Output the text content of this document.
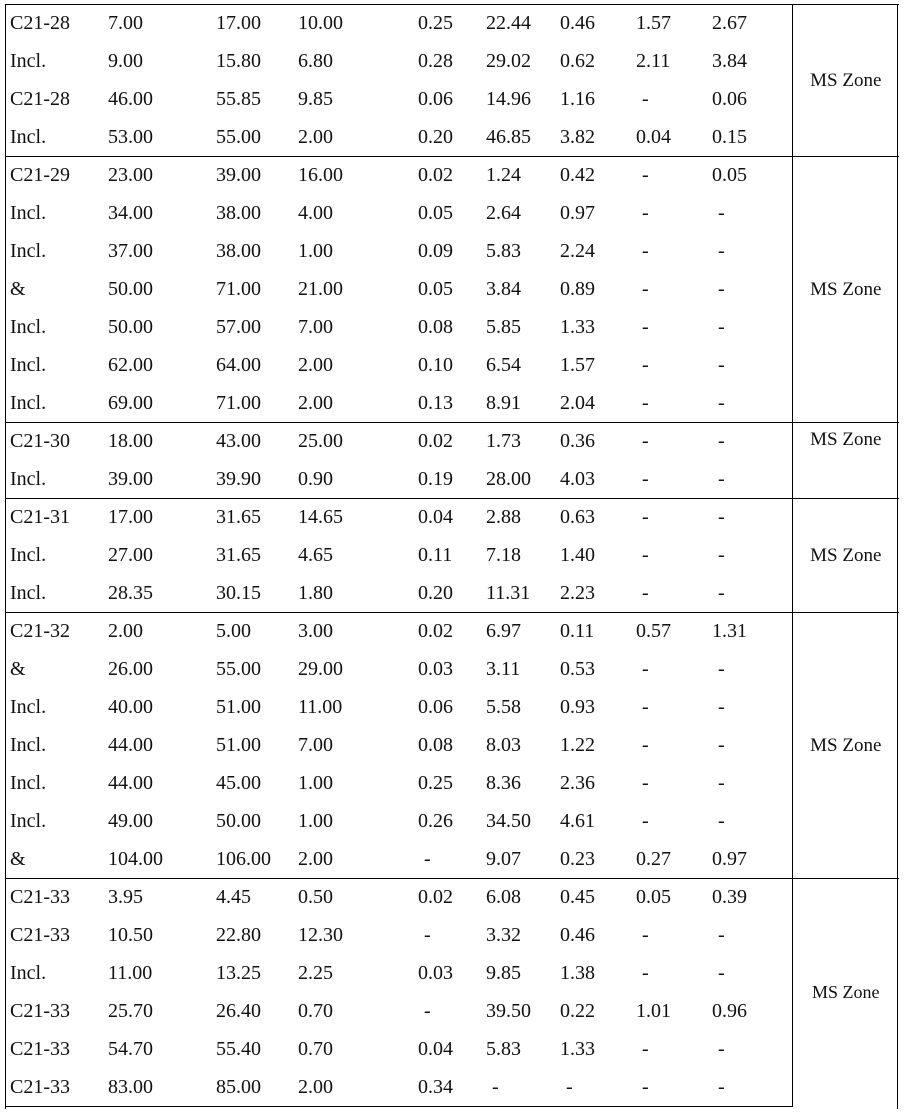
C21-28	7.00	17.00	10.00	0.25	22.44	0.46	1.57	2.67	MS Zone
Incl.	9.00	15.80	6.80	0.28	29.02	0.62	2.11	3.84	
C21-28	46.00	55.85	9.85	0.06	14.96	1.16	-	0.06	
Incl.	53.00	55.00	2.00	0.20	46.85	3.82	0.04	0.15	
C21-29	23.00	39.00	16.00	0.02	1.24	0.42	-	0.05	MS Zone
Incl.	34.00	38.00	4.00	0.05	2.64	0.97	-	-	
Incl.	37.00	38.00	1.00	0.09	5.83	2.24	-	-	
&	50.00	71.00	21.00	0.05	3.84	0.89	-	-	
Incl.	50.00	57.00	7.00	0.08	5.85	1.33	-	-	
Incl.	62.00	64.00	2.00	0.10	6.54	1.57	-	-	
Incl.	69.00	71.00	2.00	0.13	8.91	2.04	-	-	
C21-30	18.00	43.00	25.00	0.02	1.73	0.36	-	-	MS Zone
Incl.	39.00	39.90	0.90	0.19	28.00	4.03	-	-	
C21-31	17.00	31.65	14.65	0.04	2.88	0.63	-	-	MS Zone
Incl.	27.00	31.65	4.65	0.11	7.18	1.40	-	-	
Incl.	28.35	30.15	1.80	0.20	11.31	2.23	-	-	
C21-32	2.00	5.00	3.00	0.02	6.97	0.11	0.57	1.31	MS Zone
&	26.00	55.00	29.00	0.03	3.11	0.53	-	-	
Incl.	40.00	51.00	11.00	0.06	5.58	0.93	-	-	
Incl.	44.00	51.00	7.00	0.08	8.03	1.22	-	-	
Incl.	44.00	45.00	1.00	0.25	8.36	2.36	-	-	
Incl.	49.00	50.00	1.00	0.26	34.50	4.61	-	-	
&	104.00	106.00	2.00	-	9.07	0.23	0.27	0.97	
C21-33	3.95	4.45	0.50	0.02	6.08	0.45	0.05	0.39	MS Zone
C21-33	10.50	22.80	12.30	-	3.32	0.46	-	-	
Incl.	11.00	13.25	2.25	0.03	9.85	1.38	-	-	
C21-33	25.70	26.40	0.70	-	39.50	0.22	1.01	0.96	
C21-33	54.70	55.40	0.70	0.04	5.83	1.33	-	-	
C21-33	83.00	85.00	2.00	0.34	-	-	-	-	
